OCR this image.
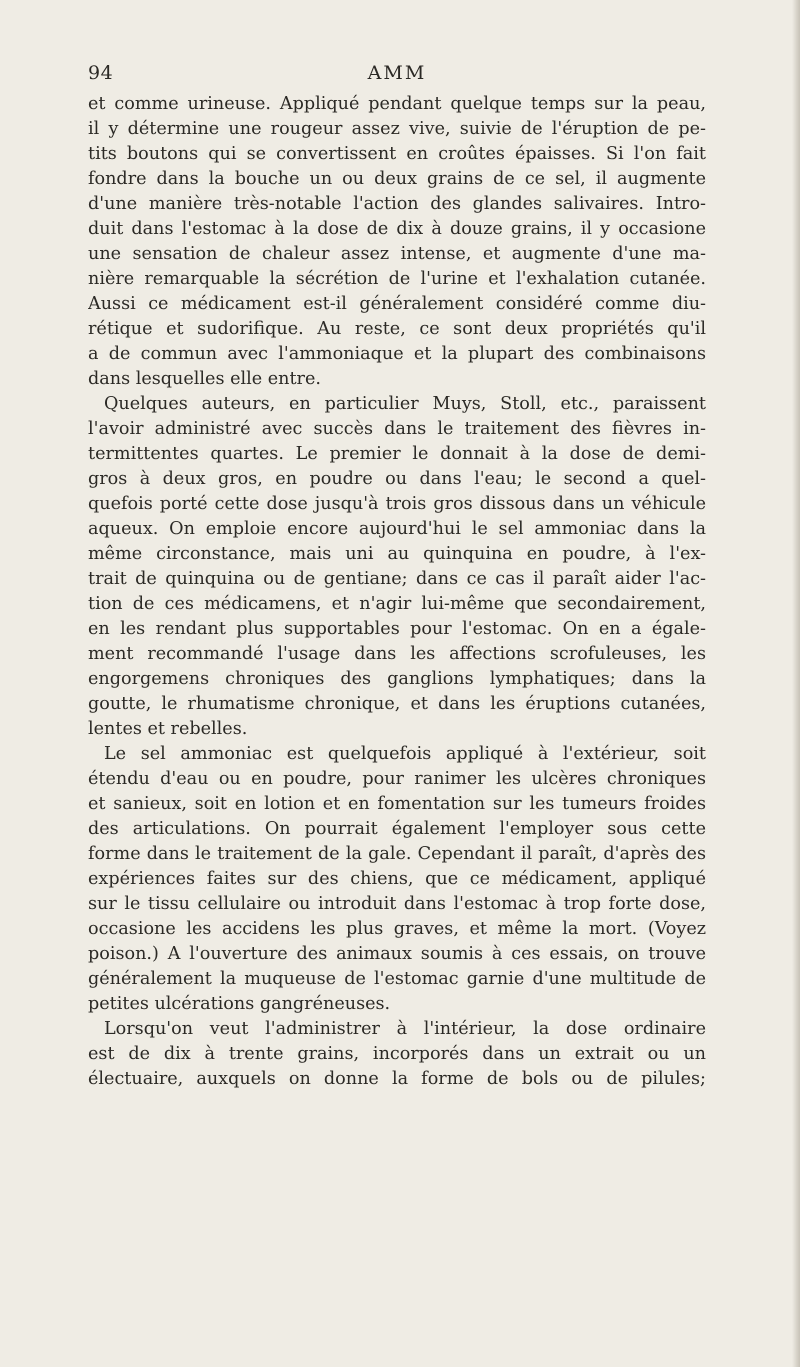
94	AMM
et comme urineuse. Appliqué pendant quelque temps sur la peau,
il y détermine une rougeur assez vive, suivie de l'éruption de pe-
tits boutons qui se convertissent en croûtes épaisses. Si l'on fait
fondre dans la bouche un ou deux grains de ce sel, il augmente
d'une manière très-notable l'action des glandes salivaires. Intro-
duit dans l'estomac à la dose de dix à douze grains, il y occasione
une sensation de chaleur assez intense, et augmente d'une ma-
nière remarquable la sécrétion de l'urine et l'exhalation cutanée.
Aussi ce médicament est-il généralement considéré comme diu-
rétique et sudorifique. Au reste, ce sont deux propriétés qu'il
a de commun avec l'ammoniaque et la plupart des combinaisons
dans lesquelles elle entre.
Quelques auteurs, en particulier Muys, Stoll, etc., paraissent
l'avoir administré avec succès dans le traitement des fièvres in-
termittentes quartes. Le premier le donnait à la dose de demi-
gros à deux gros, en poudre ou dans l'eau; le second a quel-
quefois porté cette dose jusqu'à trois gros dissous dans un véhicule
aqueux. On emploie encore aujourd'hui le sel ammoniac dans la
même circonstance, mais uni au quinquina en poudre, à l'ex-
trait de quinquina ou de gentiane; dans ce cas il paraît aider l'ac-
tion de ces médicamens, et n'agir lui-même que secondairement,
en les rendant plus supportables pour l'estomac. On en a égale-
ment recommandé l'usage dans les affections scrofuleuses, les
engorgemens chroniques des ganglions lymphatiques; dans la
goutte, le rhumatisme chronique, et dans les éruptions cutanées,
lentes et rebelles.
Le sel ammoniac est quelquefois appliqué à l'extérieur, soit
étendu d'eau ou en poudre, pour ranimer les ulcères chroniques
et sanieux, soit en lotion et en fomentation sur les tumeurs froides
des articulations. On pourrait également l'employer sous cette
forme dans le traitement de la gale. Cependant il paraît, d'après des
expériences faites sur des chiens, que ce médicament, appliqué
sur le tissu cellulaire ou introduit dans l'estomac à trop forte dose,
occasione les accidens les plus graves, et même la mort. (Voyez
poison.) A l'ouverture des animaux soumis à ces essais, on trouve
généralement la muqueuse de l'estomac garnie d'une multitude de
petites ulcérations gangréneuses.
Lorsqu'on veut l'administrer à l'intérieur, la dose ordinaire
est de dix à trente grains, incorporés dans un extrait ou un
électuaire, auxquels on donne la forme de bols ou de pilules;
